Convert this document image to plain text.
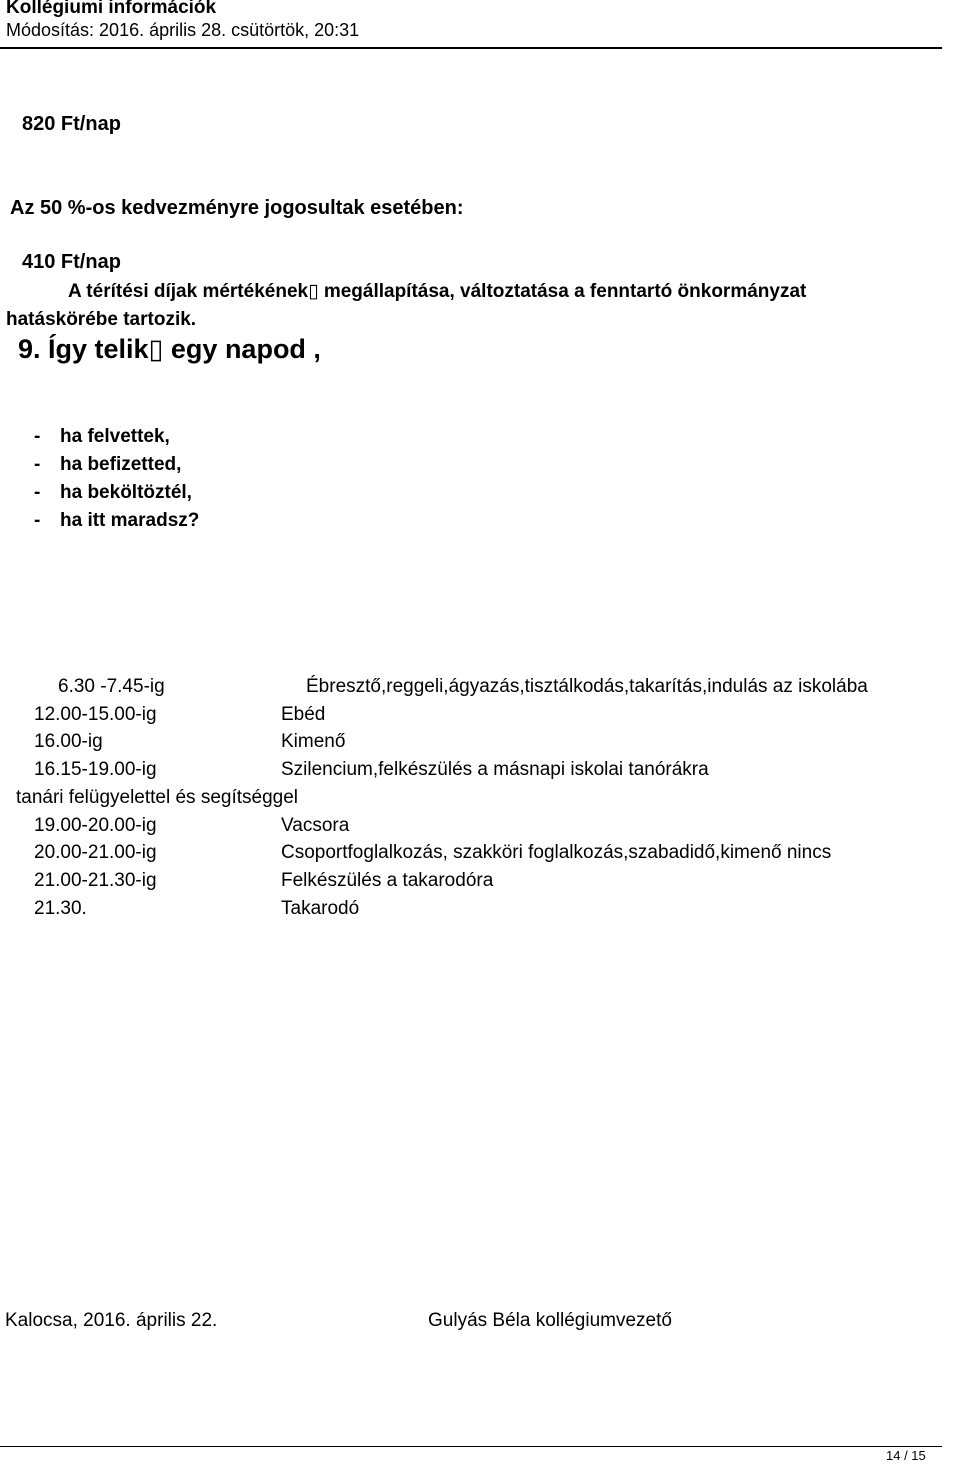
Kollégiumi információk
Módosítás: 2016. április 28. csütörtök, 20:31
820 Ft/nap
Az 50 %-os kedvezményre jogosultak esetében:
410 Ft/nap
A térítési díjak mértékének▯ megállapítása, változtatása a fenntartó önkormányzat
hatáskörébe tartozik.
9. Így telik▯ egy napod ,
- ha felvettek,
- ha befizetted,
- ha beköltöztél,
- ha itt maradsz?
6.30 -7.45-ig	Ébresztő,reggeli,ágyazás,tisztálkodás,takarítás,indulás az iskolába
12.00-15.00-ig	Ebéd
16.00-ig	Kimenő
16.15-19.00-ig	Szilencium,felkészülés a másnapi iskolai tanórákra
tanári felügyelettel és segítséggel
19.00-20.00-ig	Vacsora
20.00-21.00-ig	Csoportfoglalkozás, szakköri foglalkozás,szabadidő,kimenő nincs
21.00-21.30-ig	Felkészülés a takarodóra
21.30.	Takarodó
Kalocsa, 2016. április 22.	Gulyás Béla kollégiumvezető
14 / 15
